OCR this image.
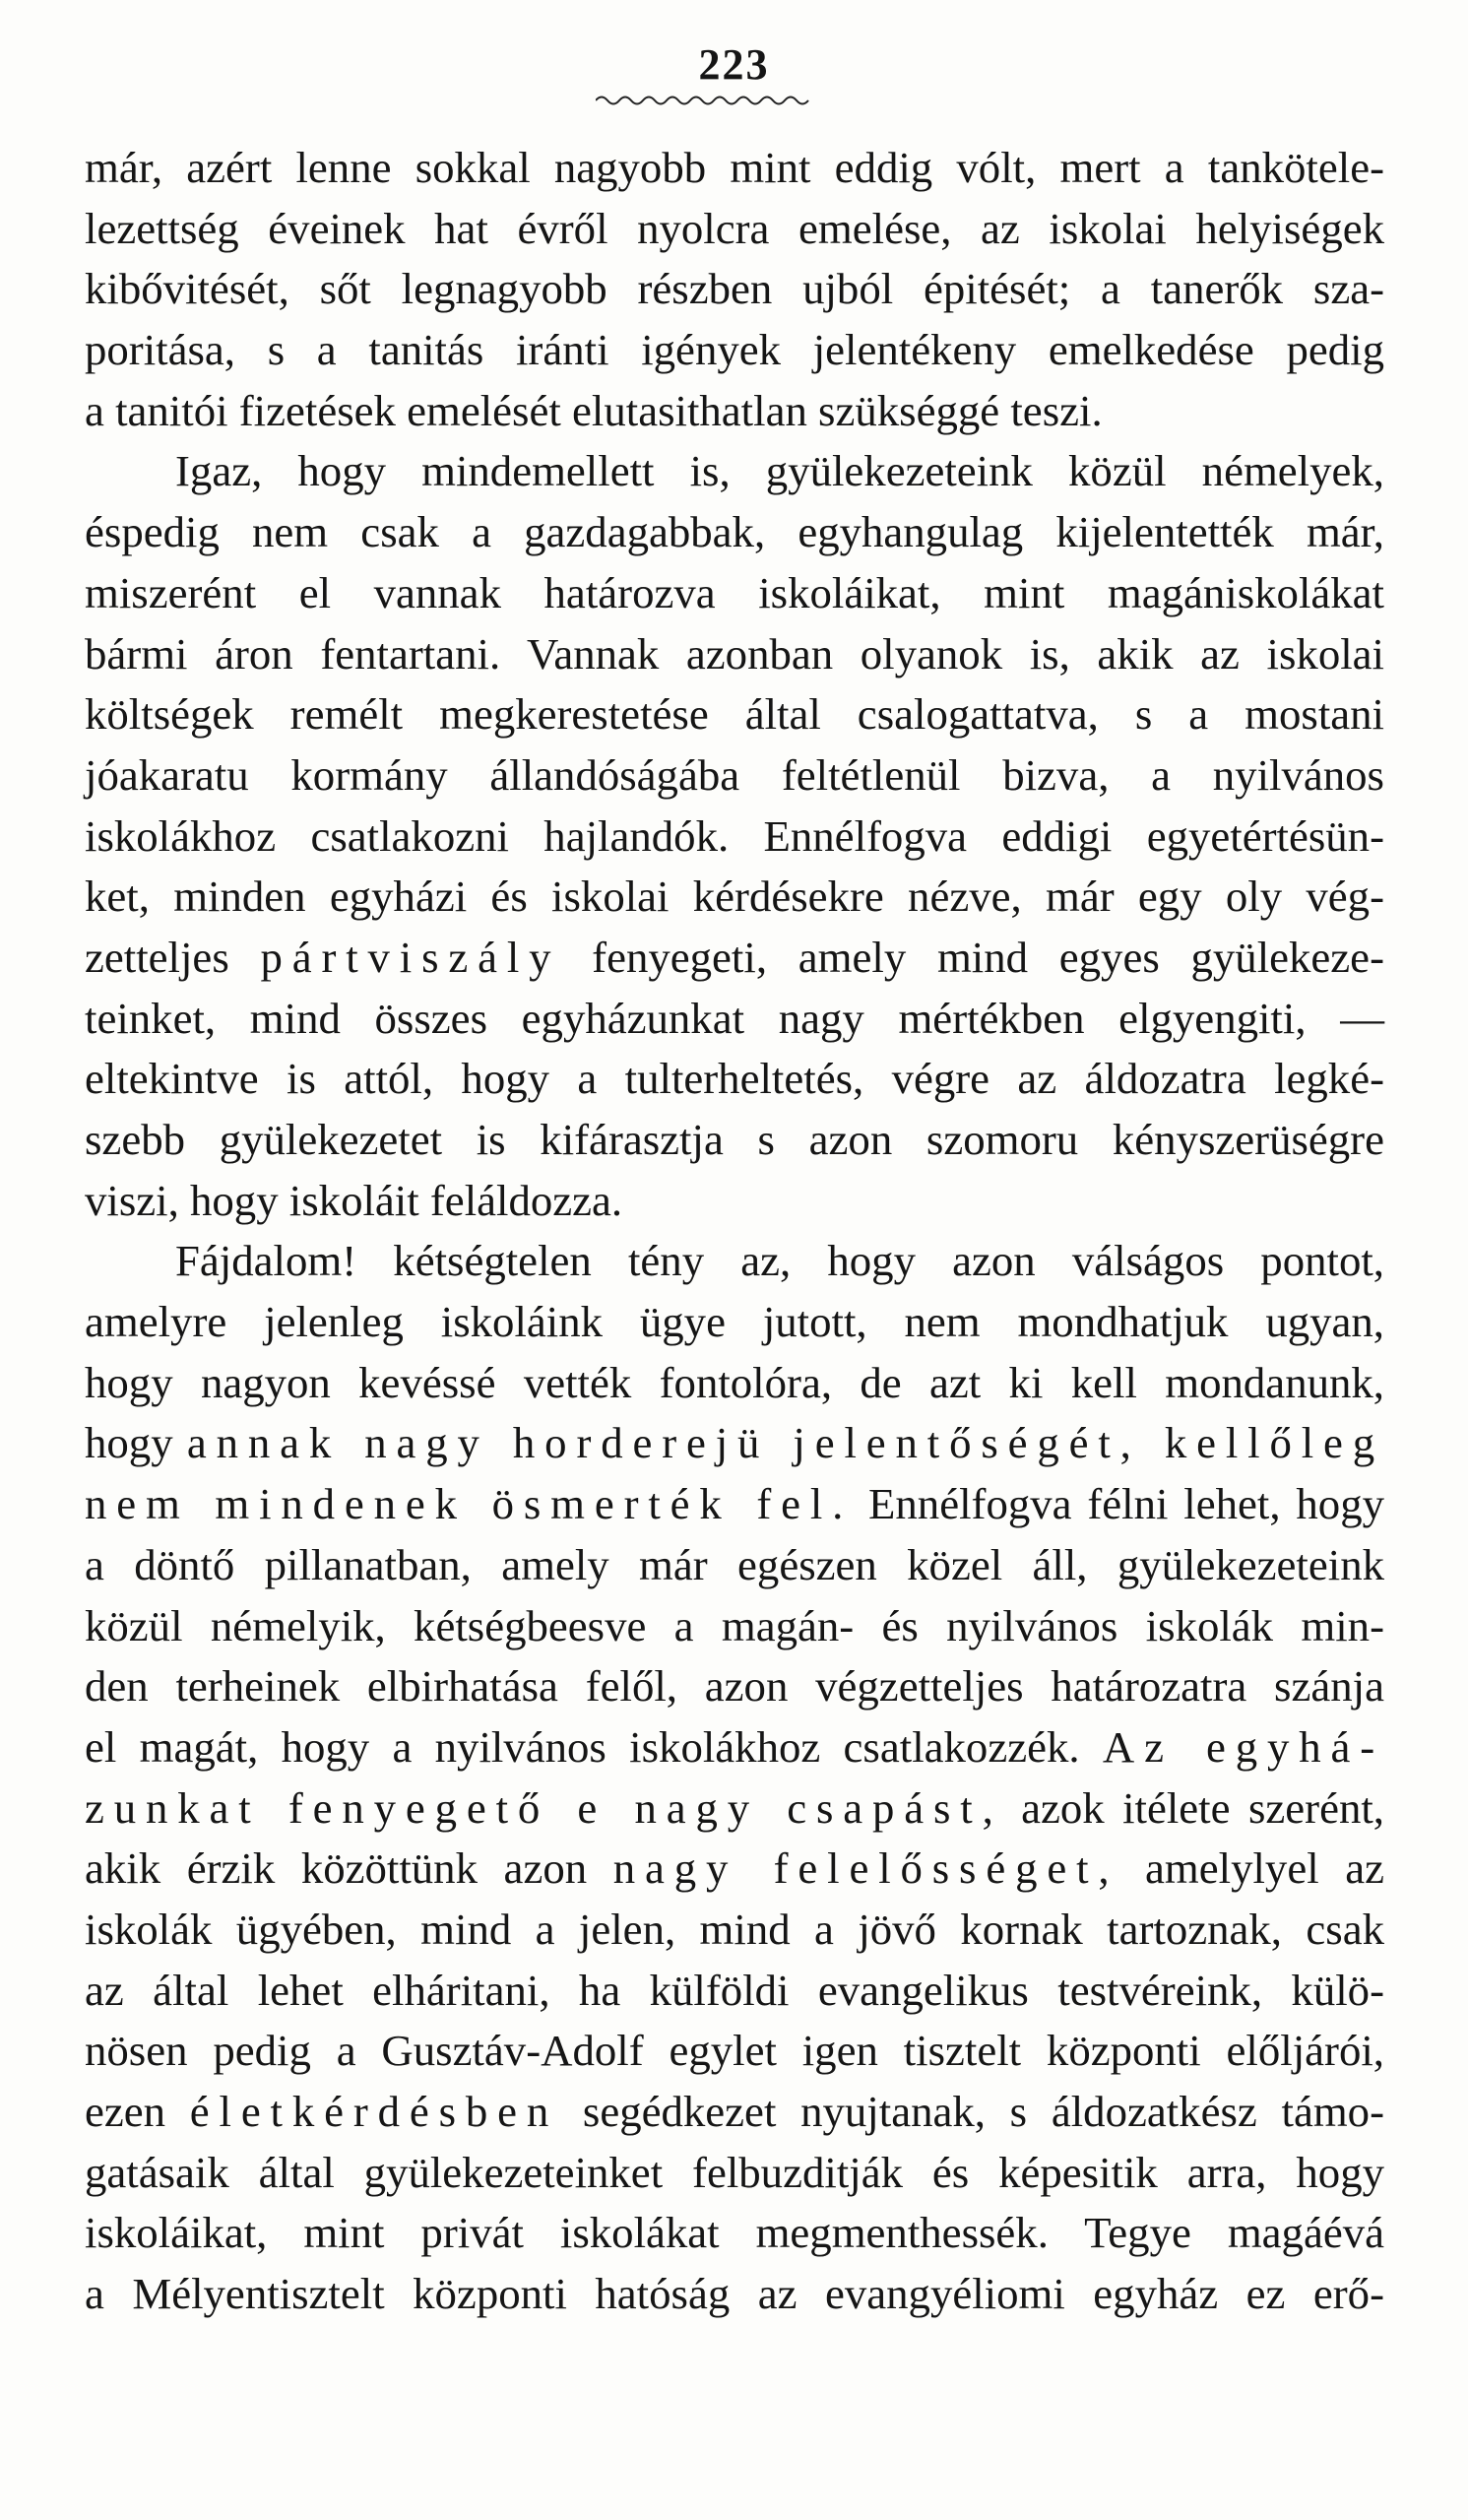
223
már, azért lenne sokkal nagyobb mint eddig vólt, mert a tankötele-
lezettség éveinek hat évről nyolcra emelése, az iskolai helyiségek
kibővitését, sőt legnagyobb részben ujból épitését; a tanerők sza-
poritása, s a tanitás iránti igények jelentékeny emelkedése pedig
a tanitói fizetések emelését elutasithatlan szükséggé teszi.
Igaz, hogy mindemellett is, gyülekezeteink közül némelyek,
éspedig nem csak a gazdagabbak, egyhangulag kijelentették már,
miszerént el vannak határozva iskoláikat, mint magániskolákat
bármi áron fentartani. Vannak azonban olyanok is, akik az iskolai
költségek remélt megkerestetése által csalogattatva, s a mostani
jóakaratu kormány állandóságába feltétlenül bizva, a nyilvános
iskolákhoz csatlakozni hajlandók. Ennélfogva eddigi egyetértésün-
ket, minden egyházi és iskolai kérdésekre nézve, már egy oly vég-
zetteljes pártviszály fenyegeti, amely mind egyes gyülekeze-
teinket, mind összes egyházunkat nagy mértékben elgyengiti, —
eltekintve is attól, hogy a tulterheltetés, végre az áldozatra legké-
szebb gyülekezetet is kifárasztja s azon szomoru kényszerüségre
viszi, hogy iskoláit feláldozza.
Fájdalom! kétségtelen tény az, hogy azon válságos pontot,
amelyre jelenleg iskoláink ügye jutott, nem mondhatjuk ugyan,
hogy nagyon kevéssé vették fontolóra, de azt ki kell mondanunk,
hogy annak nagy horderejü jelentőségét, kellőleg
nem mindenek ösmerték fel. Ennélfogva félni lehet, hogy
a döntő pillanatban, amely már egészen közel áll, gyülekezeteink
közül némelyik, kétségbeesve a magán- és nyilvános iskolák min-
den terheinek elbirhatása felől, azon végzetteljes határozatra szánja
el magát, hogy a nyilvános iskolákhoz csatlakozzék. Az egyhá-
zunkat fenyegető e nagy csapást, azok itélete szerént,
akik érzik közöttünk azon nagy felelősséget, amelylyel az
iskolák ügyében, mind a jelen, mind a jövő kornak tartoznak, csak
az által lehet elháritani, ha külföldi evangelikus testvéreink, külö-
nösen pedig a Gusztáv-Adolf egylet igen tisztelt központi előljárói,
ezen életkérdésben segédkezet nyujtanak, s áldozatkész támo-
gatásaik által gyülekezeteinket felbuzditják és képesitik arra, hogy
iskoláikat, mint privát iskolákat megmenthessék. Tegye magáévá
a Mélyentisztelt központi hatóság az evangyéliomi egyház ez erő-
